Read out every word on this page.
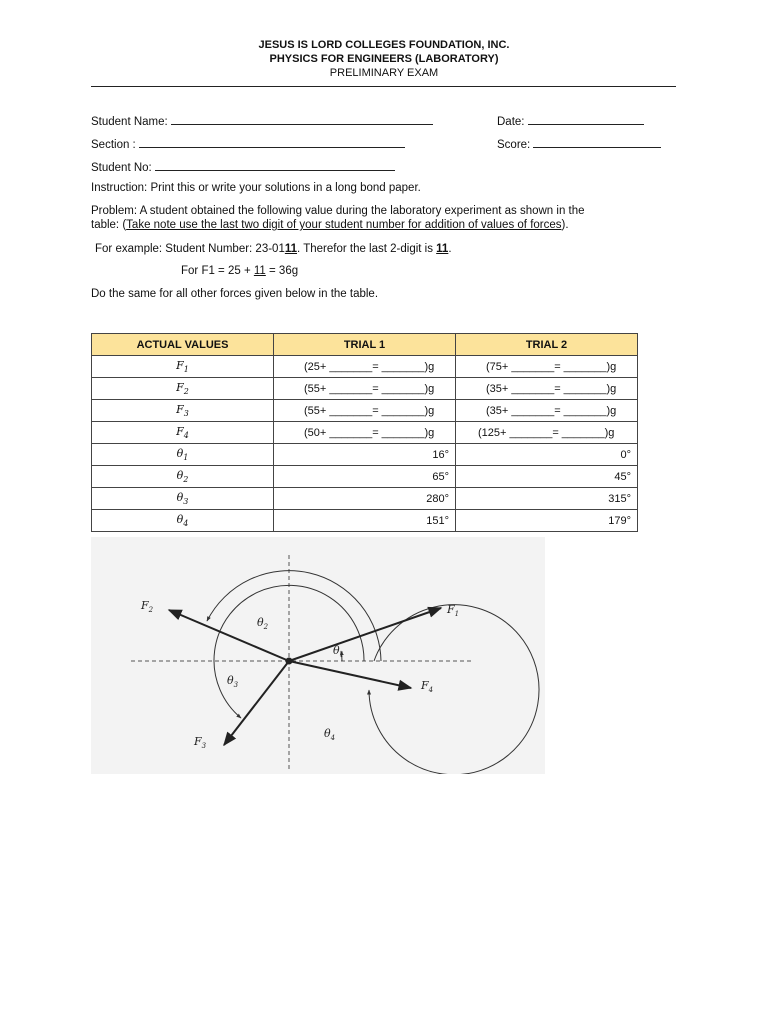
JESUS IS LORD COLLEGES FOUNDATION, INC.
PHYSICS FOR ENGINEERS (LABORATORY)
PRELIMINARY EXAM
Student Name:	Date:
Section :	Score:
Student No:
Instruction: Print this or write your solutions in a long bond paper.
Problem: A student obtained the following value during the laboratory experiment as shown in the
table: (Take note use the last two digit of your student number for addition of values of forces).
For example: Student Number: 23-0111. Therefor the last 2-digit is 11.
For F1 = 25 + 11 = 36g
Do the same for all other forces given below in the table.
ACTUAL VALUES	TRIAL 1	TRIAL 2
$F_1$	(25+ _______= _______)g	(75+ _______= _______)g
$F_2$	(55+ _______= _______)g	(35+ _______= _______)g
$F_3$	(55+ _______= _______)g	(35+ _______= _______)g
$F_4$	(50+ _______= _______)g	(125+ _______= _______)g
$\theta_1$	16°	0°
$\theta_2$	65°	45°
$\theta_3$	280°	315°
$\theta_4$	151°	179°
$F_1$
$F_2$
$F_3$
$F_4$
$\theta_1$
$\theta_2$
$\theta_3$
$\theta_4$
